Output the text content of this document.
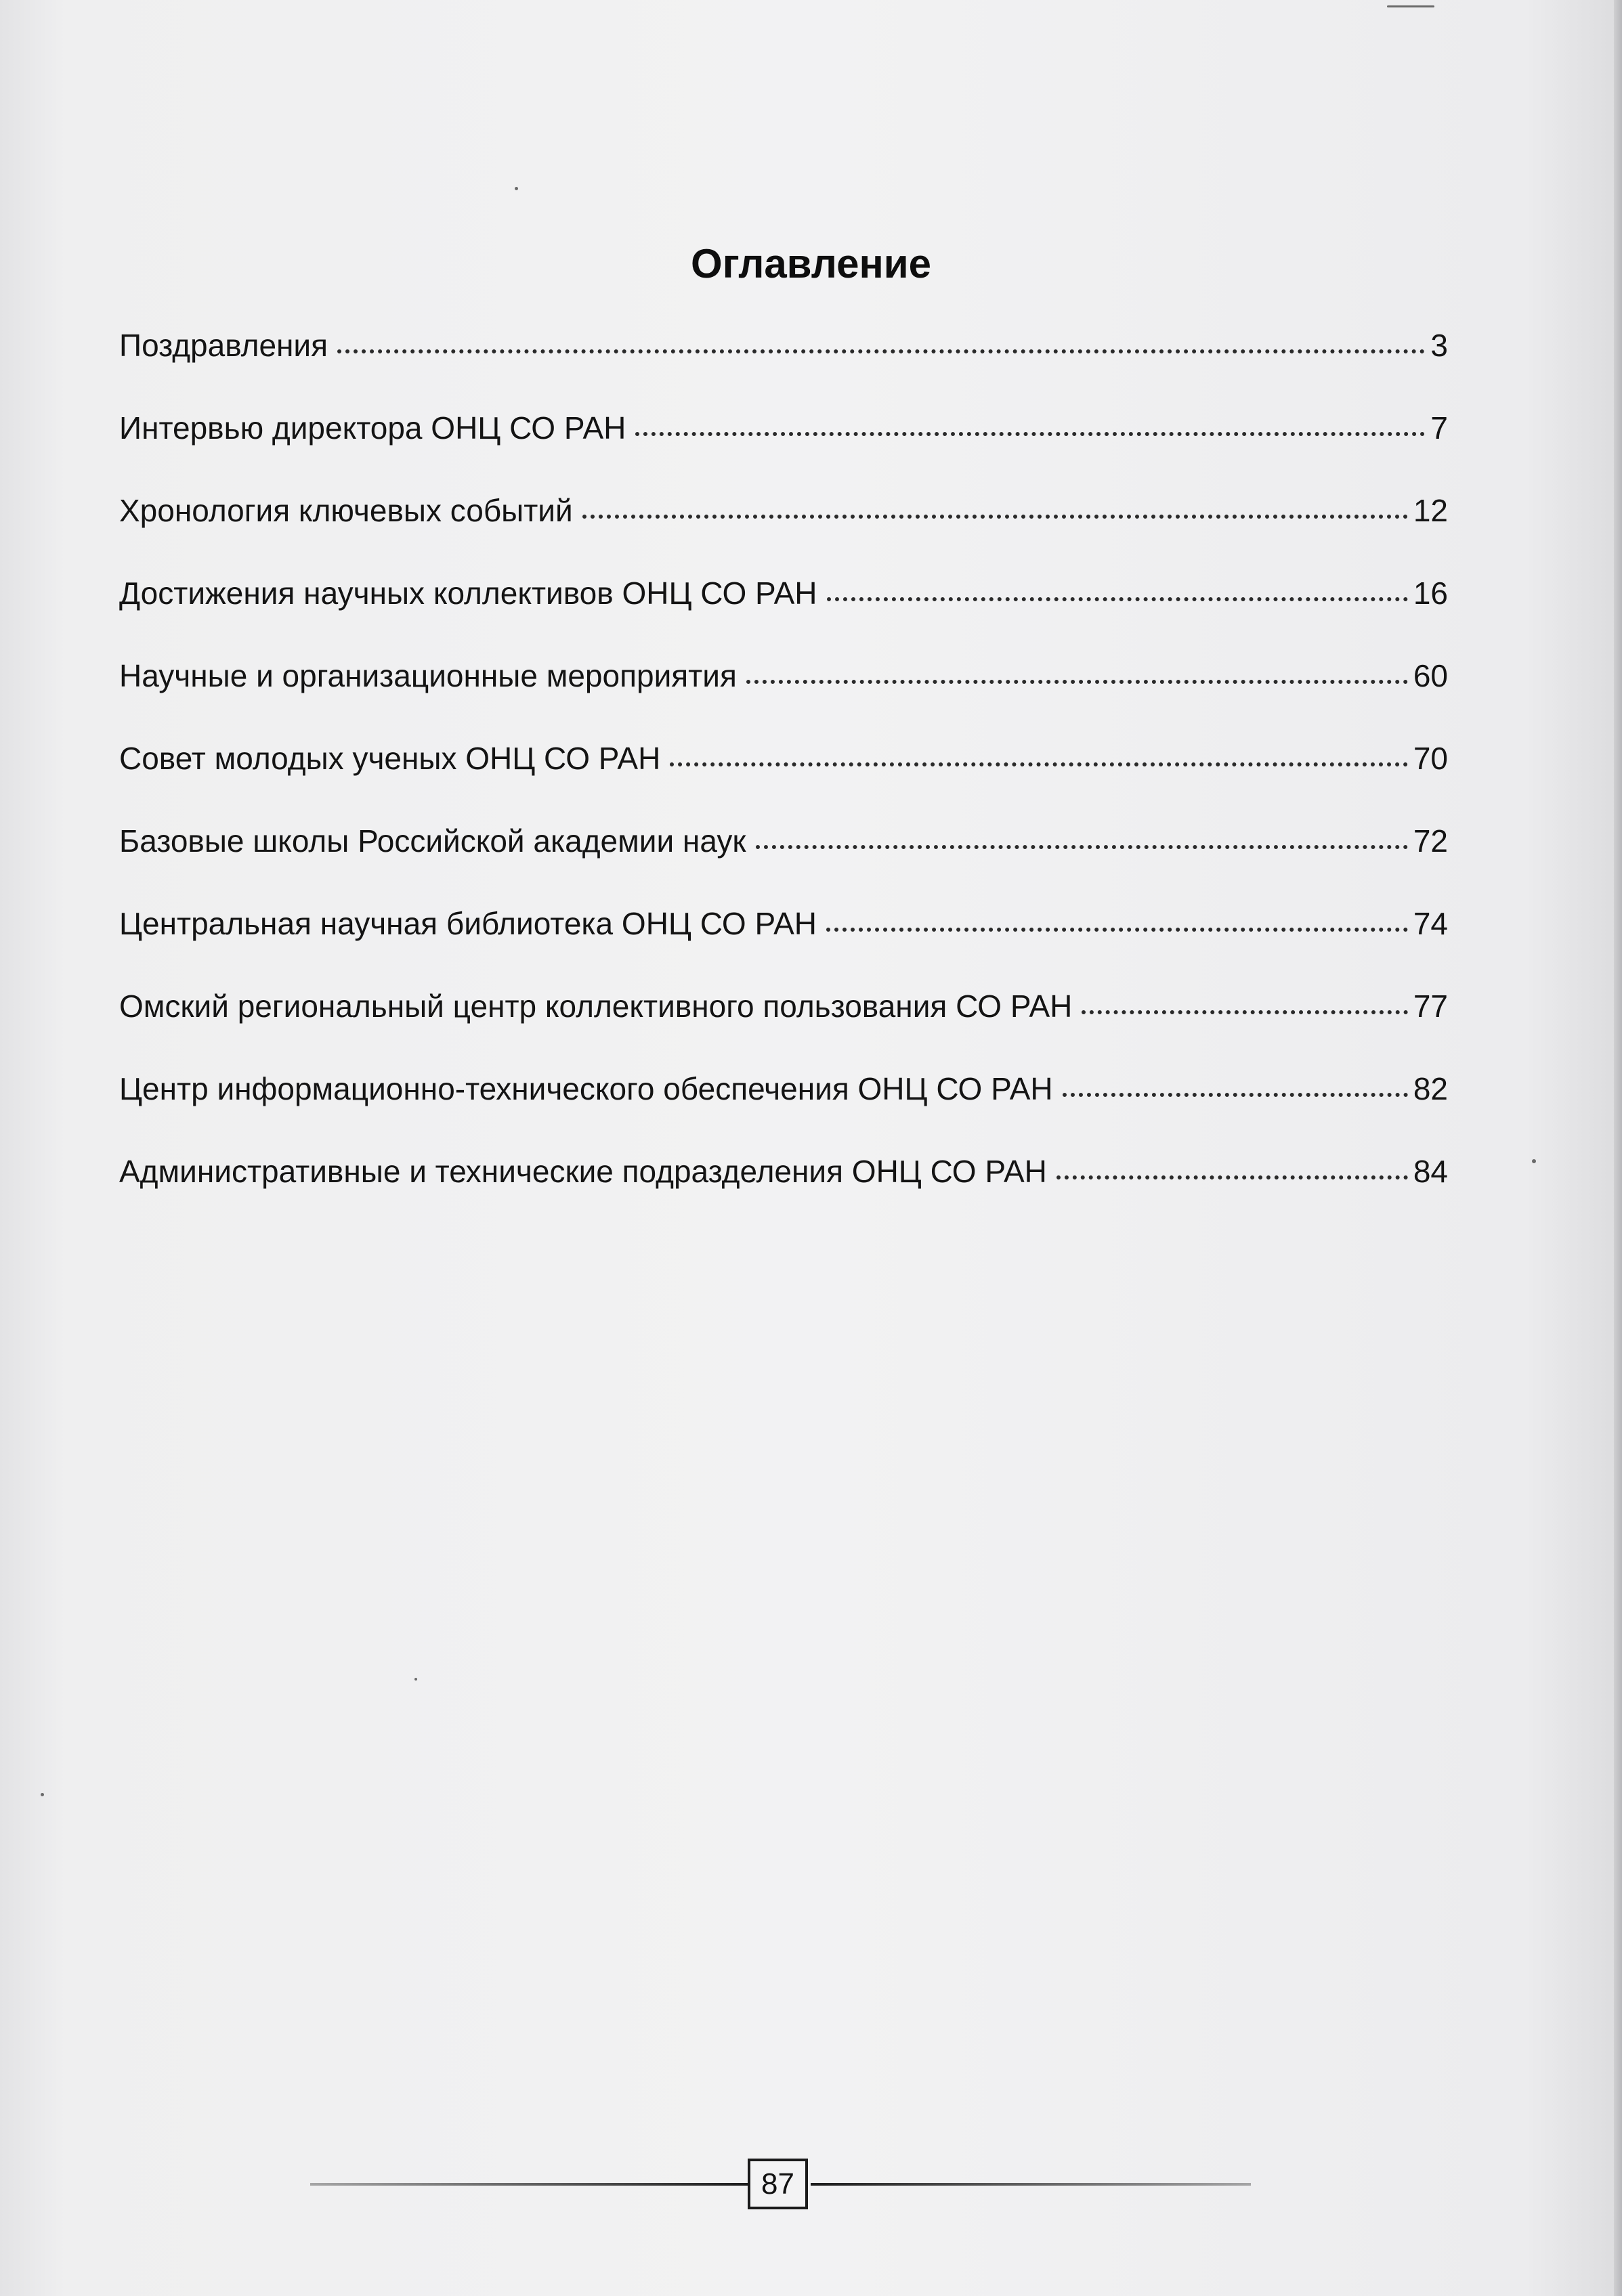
Оглавление
Поздравления	3
Интервью директора ОНЦ СО РАН	7
Хронология ключевых событий	12
Достижения научных коллективов ОНЦ СО РАН	16
Научные и организационные мероприятия	60
Совет молодых ученых ОНЦ СО РАН	70
Базовые школы Российской академии наук	72
Центральная научная библиотека ОНЦ СО РАН	74
Омский региональный центр коллективного пользования СО РАН	77
Центр информационно-технического обеспечения ОНЦ СО РАН	82
Административные и технические подразделения ОНЦ СО РАН	84
87
